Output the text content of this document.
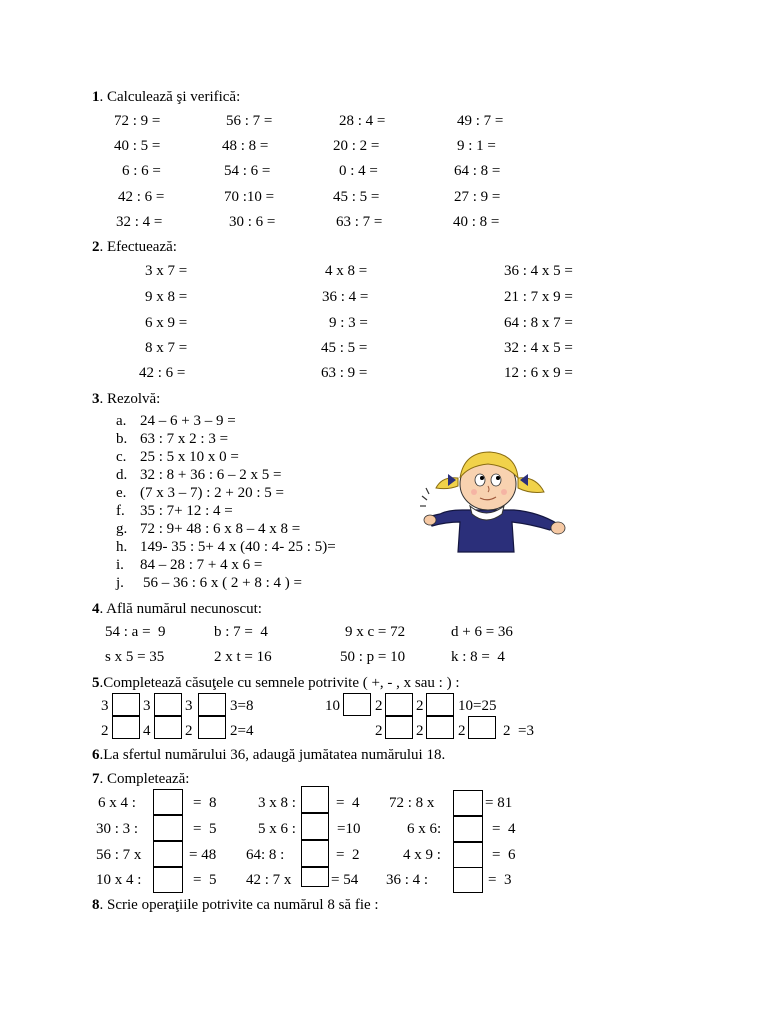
1. Calculează şi verifică:
72 : 9 =	56 : 7 =	28 : 4 =	49 : 7 =
40 : 5 =	48 : 8 =	20 : 2 =	9 : 1 =
6 : 6 =	54 : 6 =	0 : 4 =	64 : 8 =
42 : 6 =	70 :10 =	45 : 5 =	27 : 9 =
32 : 4 =	30 : 6 =	63 : 7 =	40 : 8 =
2. Efectuează:
3 x 7 =	4 x 8 =	36 : 4 x 5 =
9 x 8 =	36 : 4 =	21 : 7 x 9 =
6 x 9 =	9 : 3 =	64 : 8 x 7 =
8 x 7 =	45 : 5 =	32 : 4 x 5 =
42 : 6 =	63 : 9 =	12 : 6 x 9 =
3. Rezolvă:
a. 24 – 6 + 3 – 9 =
b. 63 : 7 x 2 : 3 =
c. 25 : 5 x 10 x 0 =
d. 32 : 8 + 36 : 6 – 2 x 5 =
e. (7 x 3 – 7) : 2 + 20 : 5 =
f. 35 : 7+ 12 : 4 =
g. 72 : 9+ 48 : 6 x 8 – 4 x 8 =
h. 149- 35 : 5+ 4 x (40 : 4- 25 : 5)=
i. 84 – 28 : 7 + 4 x 6 =
j. 56 – 36 : 6 x ( 2 + 8 : 4 ) =
4. Află numărul necunoscut:
54 : a =  9	b : 7 =  4	9 x c = 72	d + 6 = 36
s x 5 = 35	2 x t = 16	50 : p = 10	k : 8 =  4
5.Completează căsuţele cu semnele potrivite ( +, - , x sau : ) :
3 3 3	3=8	10 2 2 10=25
2 4 2	2=4	2 2 2	2  =3
6.La sfertul numărului 36, adaugă jumătatea numărului 18.
7. Completează:
6 x 4 :	=  8	3 x 8 :	=  4 72 : 8 x	= 81
30 : 3 :	=  5	5 x 6 :	=10	6 x 6:	=  4
56 : 7 x	= 48 64: 8 :	=  2	4 x 9 :	=  6
10 x 4 :	=  5 42 : 7 x	= 54 36 : 4 :	=  3
8. Scrie operaţiile potrivite ca numărul 8 să fie :
